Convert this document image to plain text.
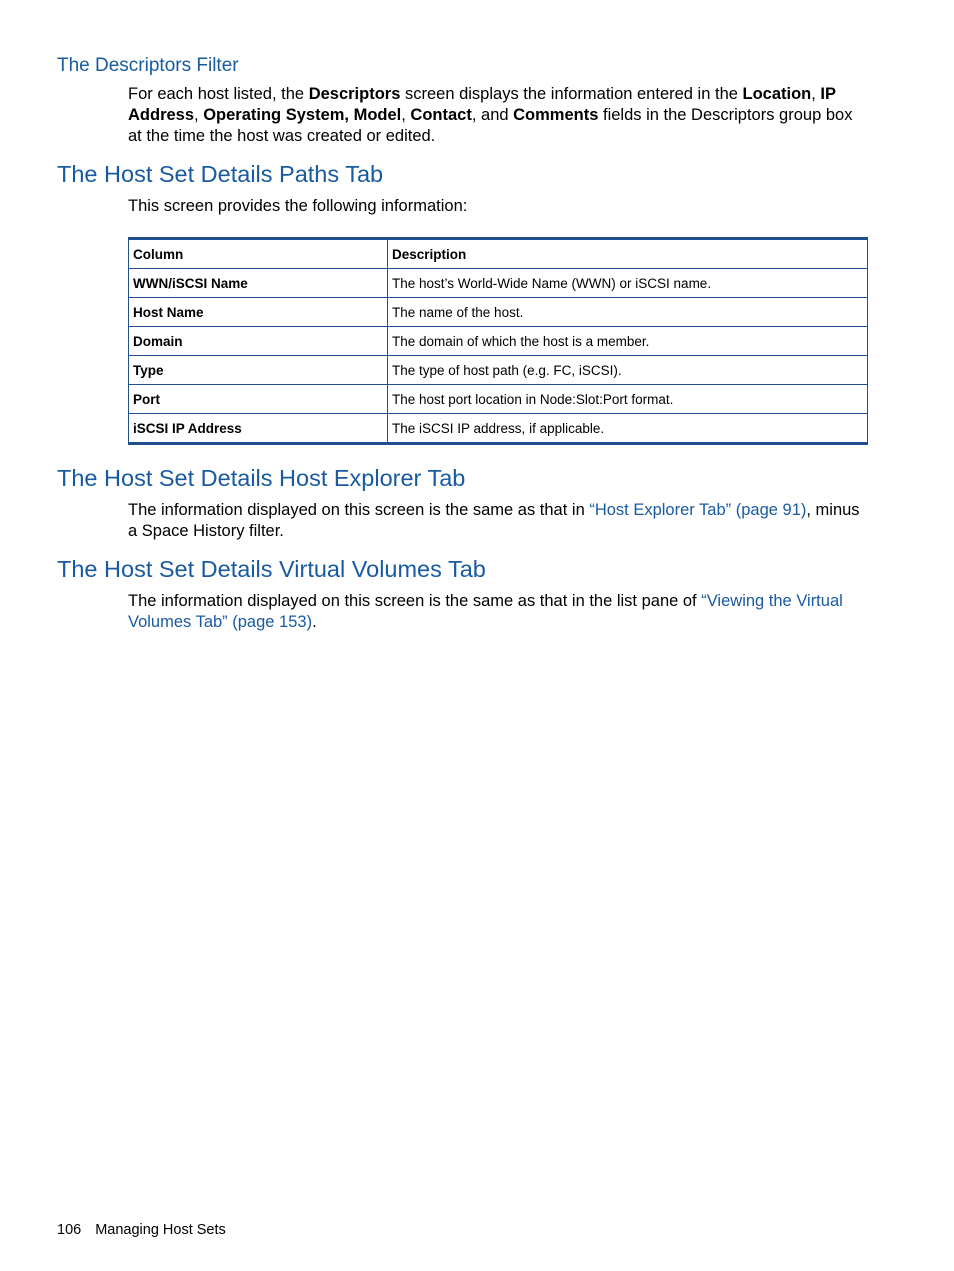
The Descriptors Filter

For each host listed, the Descriptors screen displays the information entered in the Location, IP Address, Operating System, Model, Contact, and Comments fields in the Descriptors group box at the time the host was created or edited.

The Host Set Details Paths Tab

This screen provides the following information:

Column	Description
WWN/iSCSI Name	The host’s World-Wide Name (WWN) or iSCSI name.
Host Name	The name of the host.
Domain	The domain of which the host is a member.
Type	The type of host path (e.g. FC, iSCSI).
Port	The host port location in Node:Slot:Port format.
iSCSI IP Address	The iSCSI IP address, if applicable.
The Host Set Details Host Explorer Tab

The information displayed on this screen is the same as that in “Host Explorer Tab” (page 91), minus a Space History filter.

The Host Set Details Virtual Volumes Tab

The information displayed on this screen is the same as that in the list pane of “Viewing the Virtual Volumes Tab” (page 153).

106 Managing Host Sets
